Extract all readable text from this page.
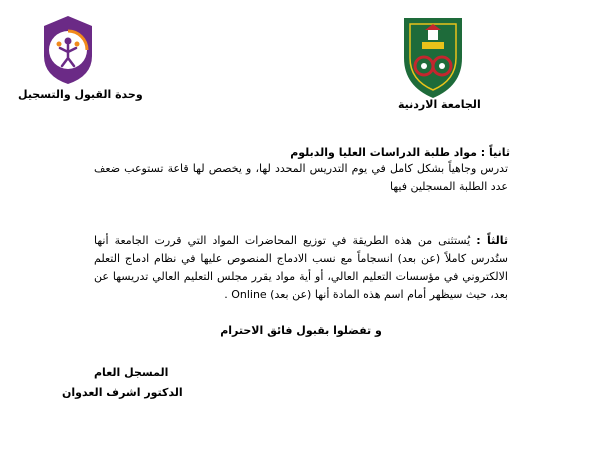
وحدة القبول والتسجيل
الجامعة الاردنية
ثانياً : مواد طلبة الدراسات العليا والدبلوم
تدرس وجاهياً بشكل كامل في يوم التدريس المحدد لها، و يخصص لها قاعة تستوعب ضعف عدد الطلبة المسجلين فيها
ثالثاً : يُستثنى من هذه الطريقة في توزيع المحاضرات المواد التي قررت الجامعة أنها ستُدرس كاملاً (عن بعد) انسجاماً مع نسب الادماج المنصوص عليها في نظام ادماج التعلم الالكتروني في مؤسسات التعليم العالي، أو أية مواد يقرر مجلس التعليم العالي تدريسها عن بعد، حيث سيظهر أمام اسم هذه المادة أنها (عن بعد) Online .
و تفضلوا بقبول فائق الاحترام
المسجل العام
الدكتور اشرف العدوان
